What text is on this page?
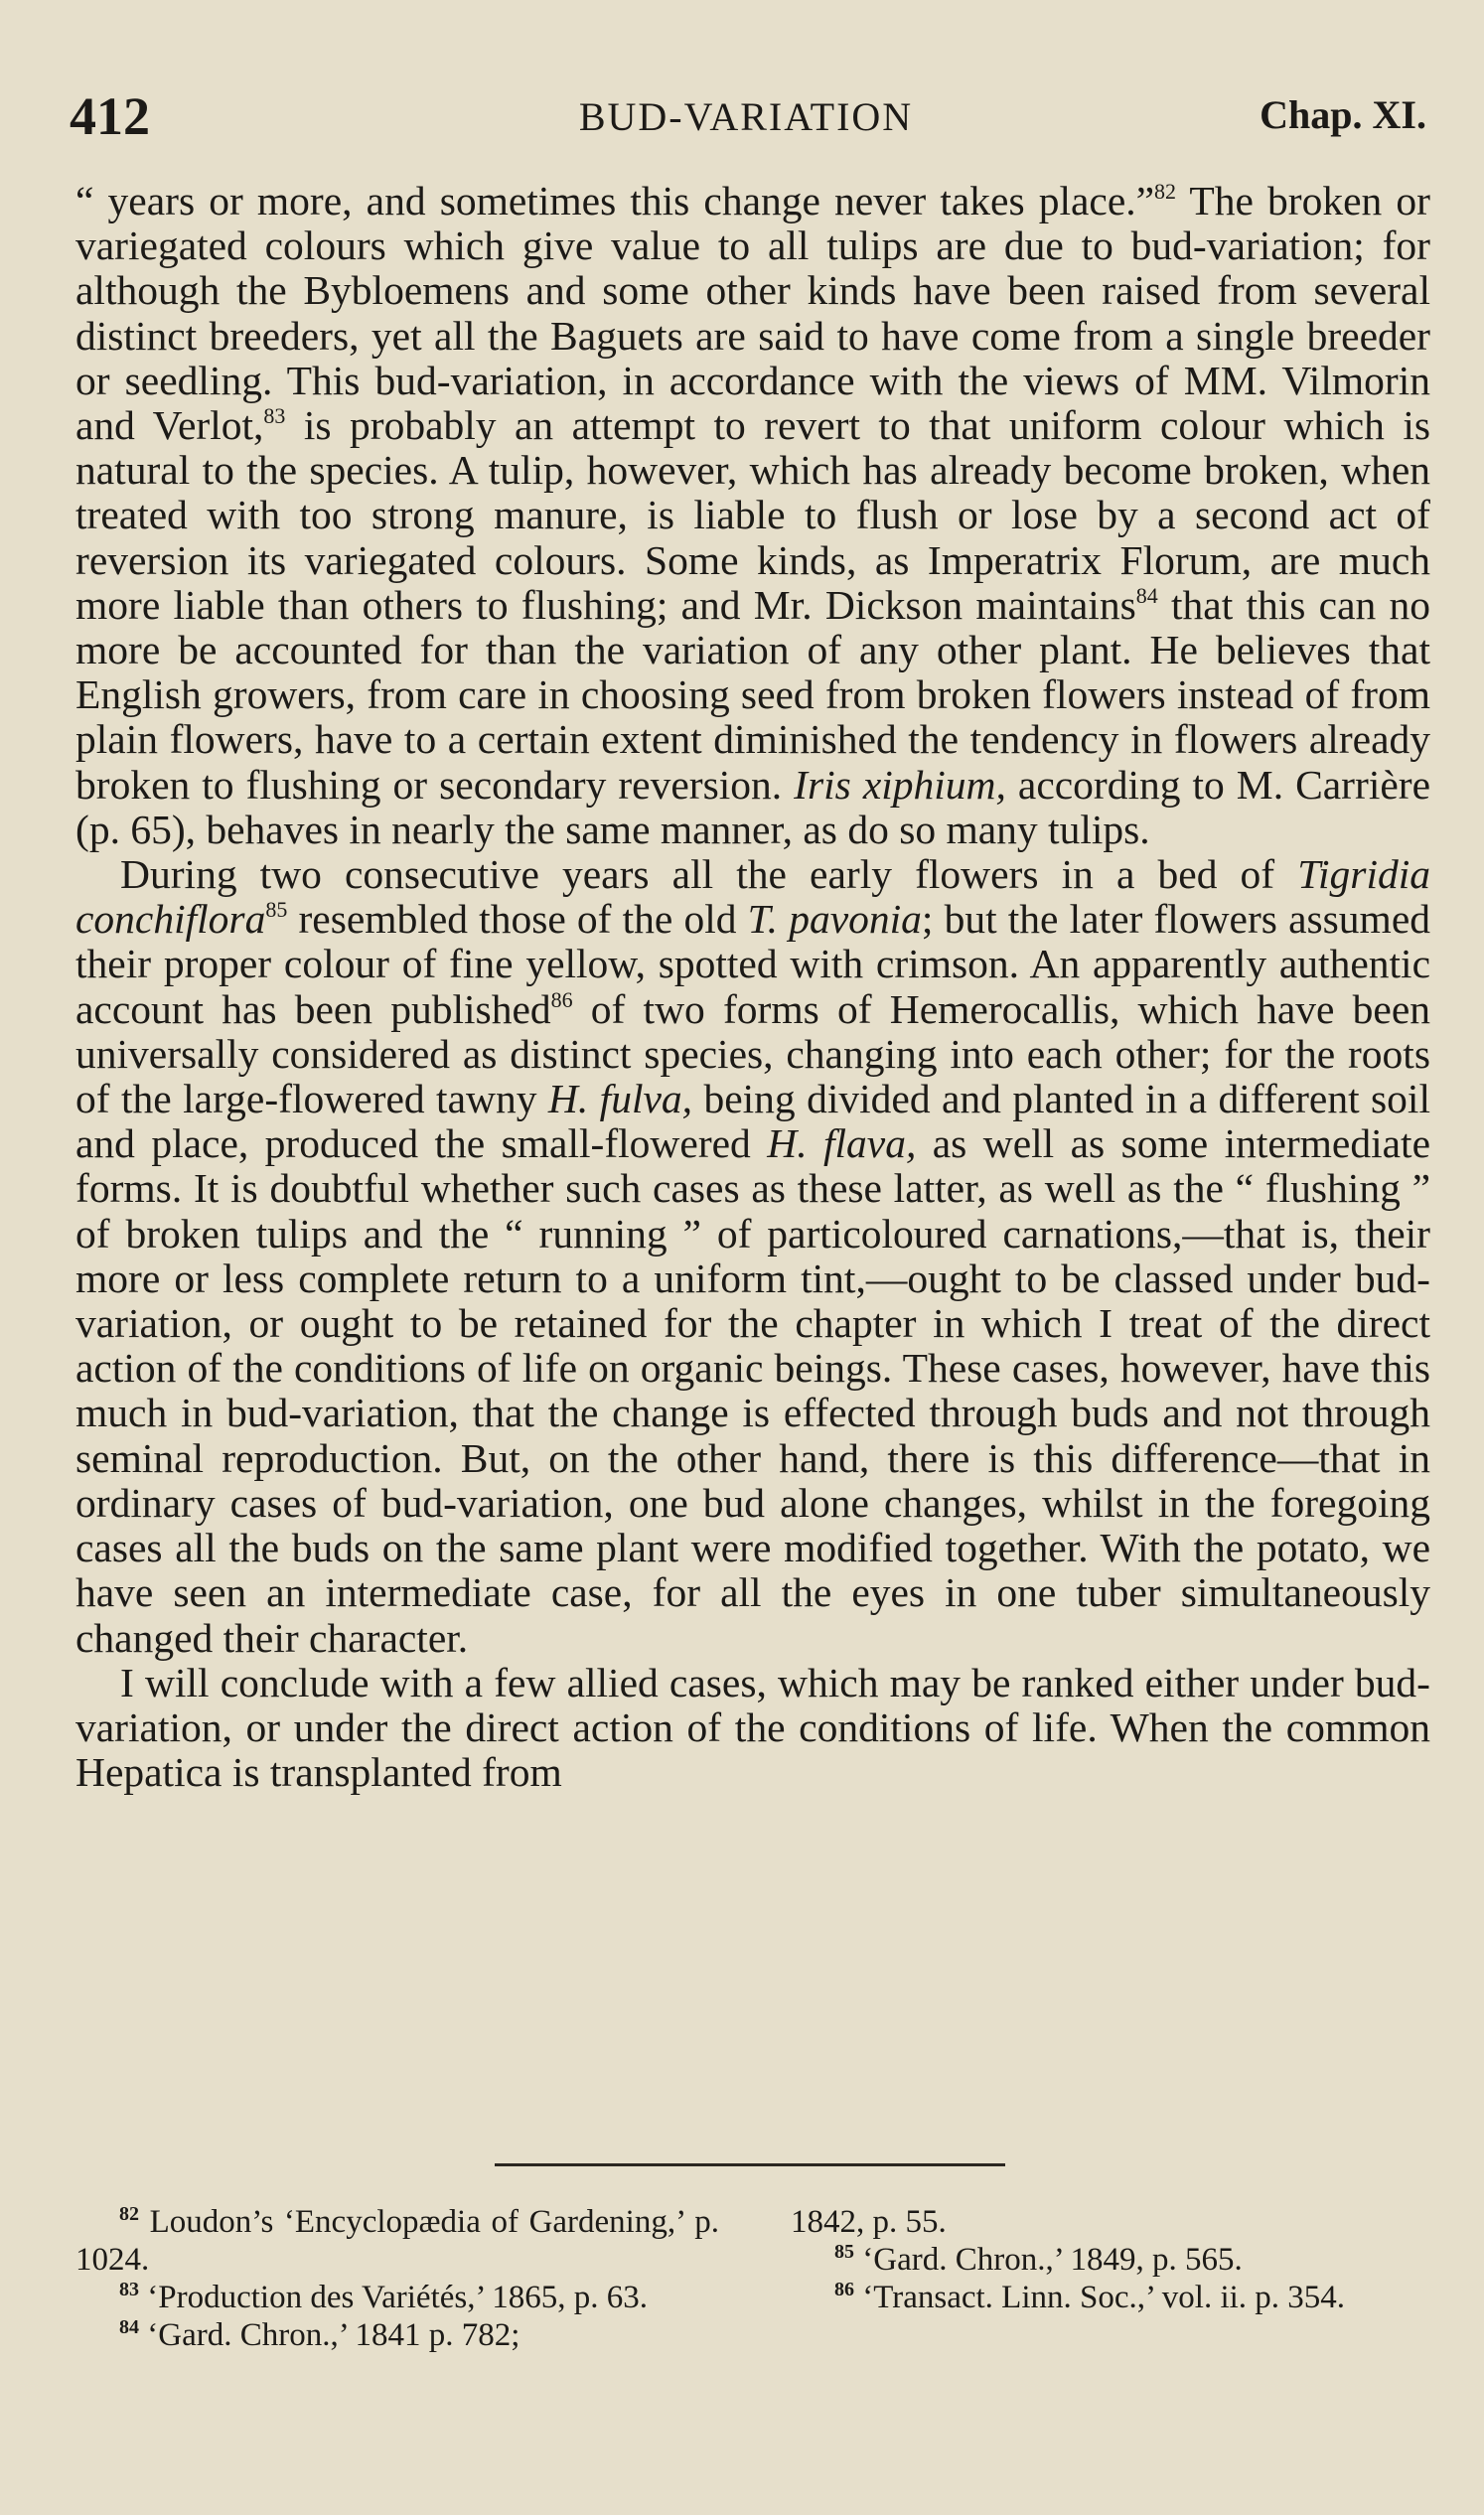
412	BUD-VARIATION	Chap. XI.

“ years or more, and sometimes this change never takes place.”$^{82}$ The broken or variegated colours which give value to all tulips are due to bud-variation; for although the Bybloemens and some other kinds have been raised from several distinct breeders, yet all the Baguets are said to have come from a single breeder or seedling. This bud-variation, in accordance with the views of MM. Vilmorin and Verlot,$^{83}$ is probably an attempt to revert to that uniform colour which is natural to the species. A tulip, however, which has already become broken, when treated with too strong manure, is liable to flush or lose by a second act of reversion its variegated colours. Some kinds, as Imperatrix Florum, are much more liable than others to flushing; and Mr. Dickson maintains$^{84}$ that this can no more be accounted for than the variation of any other plant. He believes that English growers, from care in choosing seed from broken flowers instead of from plain flowers, have to a certain extent diminished the tendency in flowers already broken to flushing or secondary reversion. Iris xiphium, according to M. Carrière (p. 65), behaves in nearly the same manner, as do so many tulips.

During two consecutive years all the early flowers in a bed of Tigridia conchiflora$^{85}$ resembled those of the old T. pavonia; but the later flowers assumed their proper colour of fine yellow, spotted with crimson. An apparently authentic account has been published$^{86}$ of two forms of Hemerocallis, which have been universally considered as distinct species, changing into each other; for the roots of the large-flowered tawny H. fulva, being divided and planted in a different soil and place, produced the small-flowered H. flava, as well as some intermediate forms. It is doubtful whether such cases as these latter, as well as the “ flushing ” of broken tulips and the “ running ” of particoloured carnations,—that is, their more or less complete return to a uniform tint,—ought to be classed under bud-variation, or ought to be retained for the chapter in which I treat of the direct action of the conditions of life on organic beings. These cases, however, have this much in bud-variation, that the change is effected through buds and not through seminal reproduction. But, on the other hand, there is this difference—that in ordinary cases of bud-variation, one bud alone changes, whilst in the foregoing cases all the buds on the same plant were modified together. With the potato, we have seen an intermediate case, for all the eyes in one tuber simultaneously changed their character.

I will conclude with a few allied cases, which may be ranked either under bud-variation, or under the direct action of the conditions of life. When the common Hepatica is transplanted from

$^{82}$ Loudon’s ‘Encyclopædia of Gardening,’ p. 1024.

$^{83}$ ‘Production des Variétés,’ 1865, p. 63.

$^{84}$ ‘Gard. Chron.,’ 1841 p. 782;

1842, p. 55.

$^{85}$ ‘Gard. Chron.,’ 1849, p. 565.

$^{86}$ ‘Transact. Linn. Soc.,’ vol. ii. p. 354.
